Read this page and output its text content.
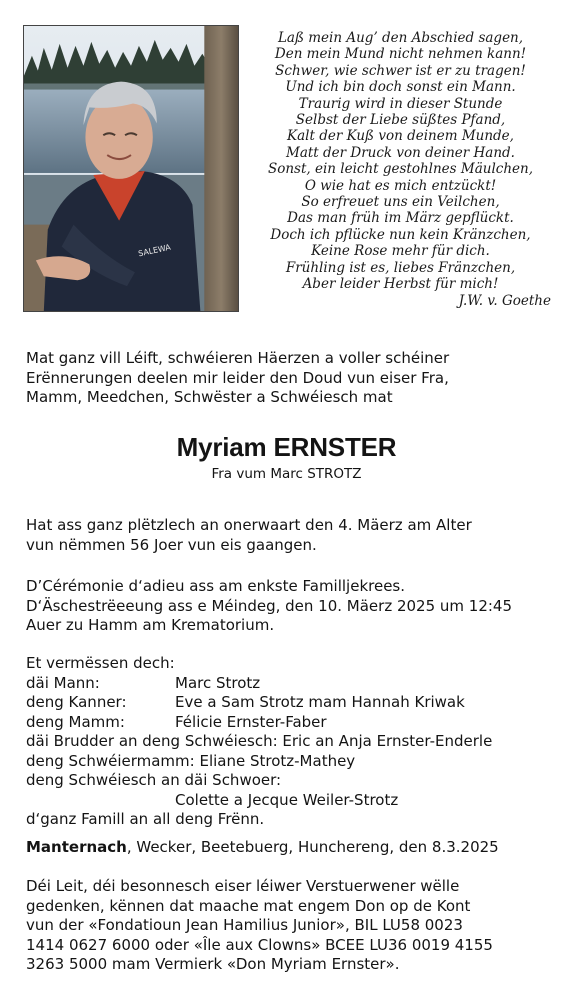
SALEWA
Laß mein Aug’ den Abschied sagen,
Den mein Mund nicht nehmen kann!
Schwer, wie schwer ist er zu tragen!
Und ich bin doch sonst ein Mann.
Traurig wird in dieser Stunde
Selbst der Liebe süßtes Pfand,
Kalt der Kuß von deinem Munde,
Matt der Druck von deiner Hand.
Sonst, ein leicht gestohlnes Mäulchen,
O wie hat es mich entzückt!
So erfreuet uns ein Veilchen,
Das man früh im März gepflückt.
Doch ich pflücke nun kein Kränzchen,
Keine Rose mehr für dich.
Frühling ist es, liebes Fränzchen,
Aber leider Herbst für mich!
J.W. v. Goethe
Mat ganz vill Léift, schwéieren Häerzen a voller schéiner
Erënnerungen deelen mir leider den Doud vun eiser Fra,
Mamm, Meedchen, Schwëster a Schwéiesch mat
Myriam ERNSTER
Fra vum Marc STROTZ
Hat ass ganz plëtzlech an onerwaart den 4. Mäerz am Alter
vun nëmmen 56 Joer vun eis gaangen.
D’Cérémonie d‘adieu ass am enkste Familljekrees.
D‘Äschestrëeeung ass e Méindeg, den 10. Mäerz 2025 um 12:45
Auer zu Hamm am Krematorium.
Et vermëssen dech:
däi Mann:	Marc Strotz
deng Kanner:	Eve a Sam Strotz mam Hannah Kriwak
deng Mamm:	Félicie Ernster-Faber
däi Brudder an deng Schwéiesch: Eric an Anja Ernster-Enderle
deng Schwéiermamm: Eliane Strotz-Mathey
deng Schwéiesch an däi Schwoer:
Colette a Jecque Weiler-Strotz
d‘ganz Famill an all deng Frënn.
Manternach, Wecker, Beetebuerg, Hunchereng, den 8.3.2025
Déi Leit, déi besonnesch eiser léiwer Verstuerwener wëlle
gedenken, kënnen dat maache mat engem Don op de Kont
vun der «Fondatioun Jean Hamilius Junior», BIL LU58 0023
1414 0627 6000 oder «Île aux Clowns» BCEE LU36 0019 4155
3263 5000 mam Vermierk «Don Myriam Ernster».
